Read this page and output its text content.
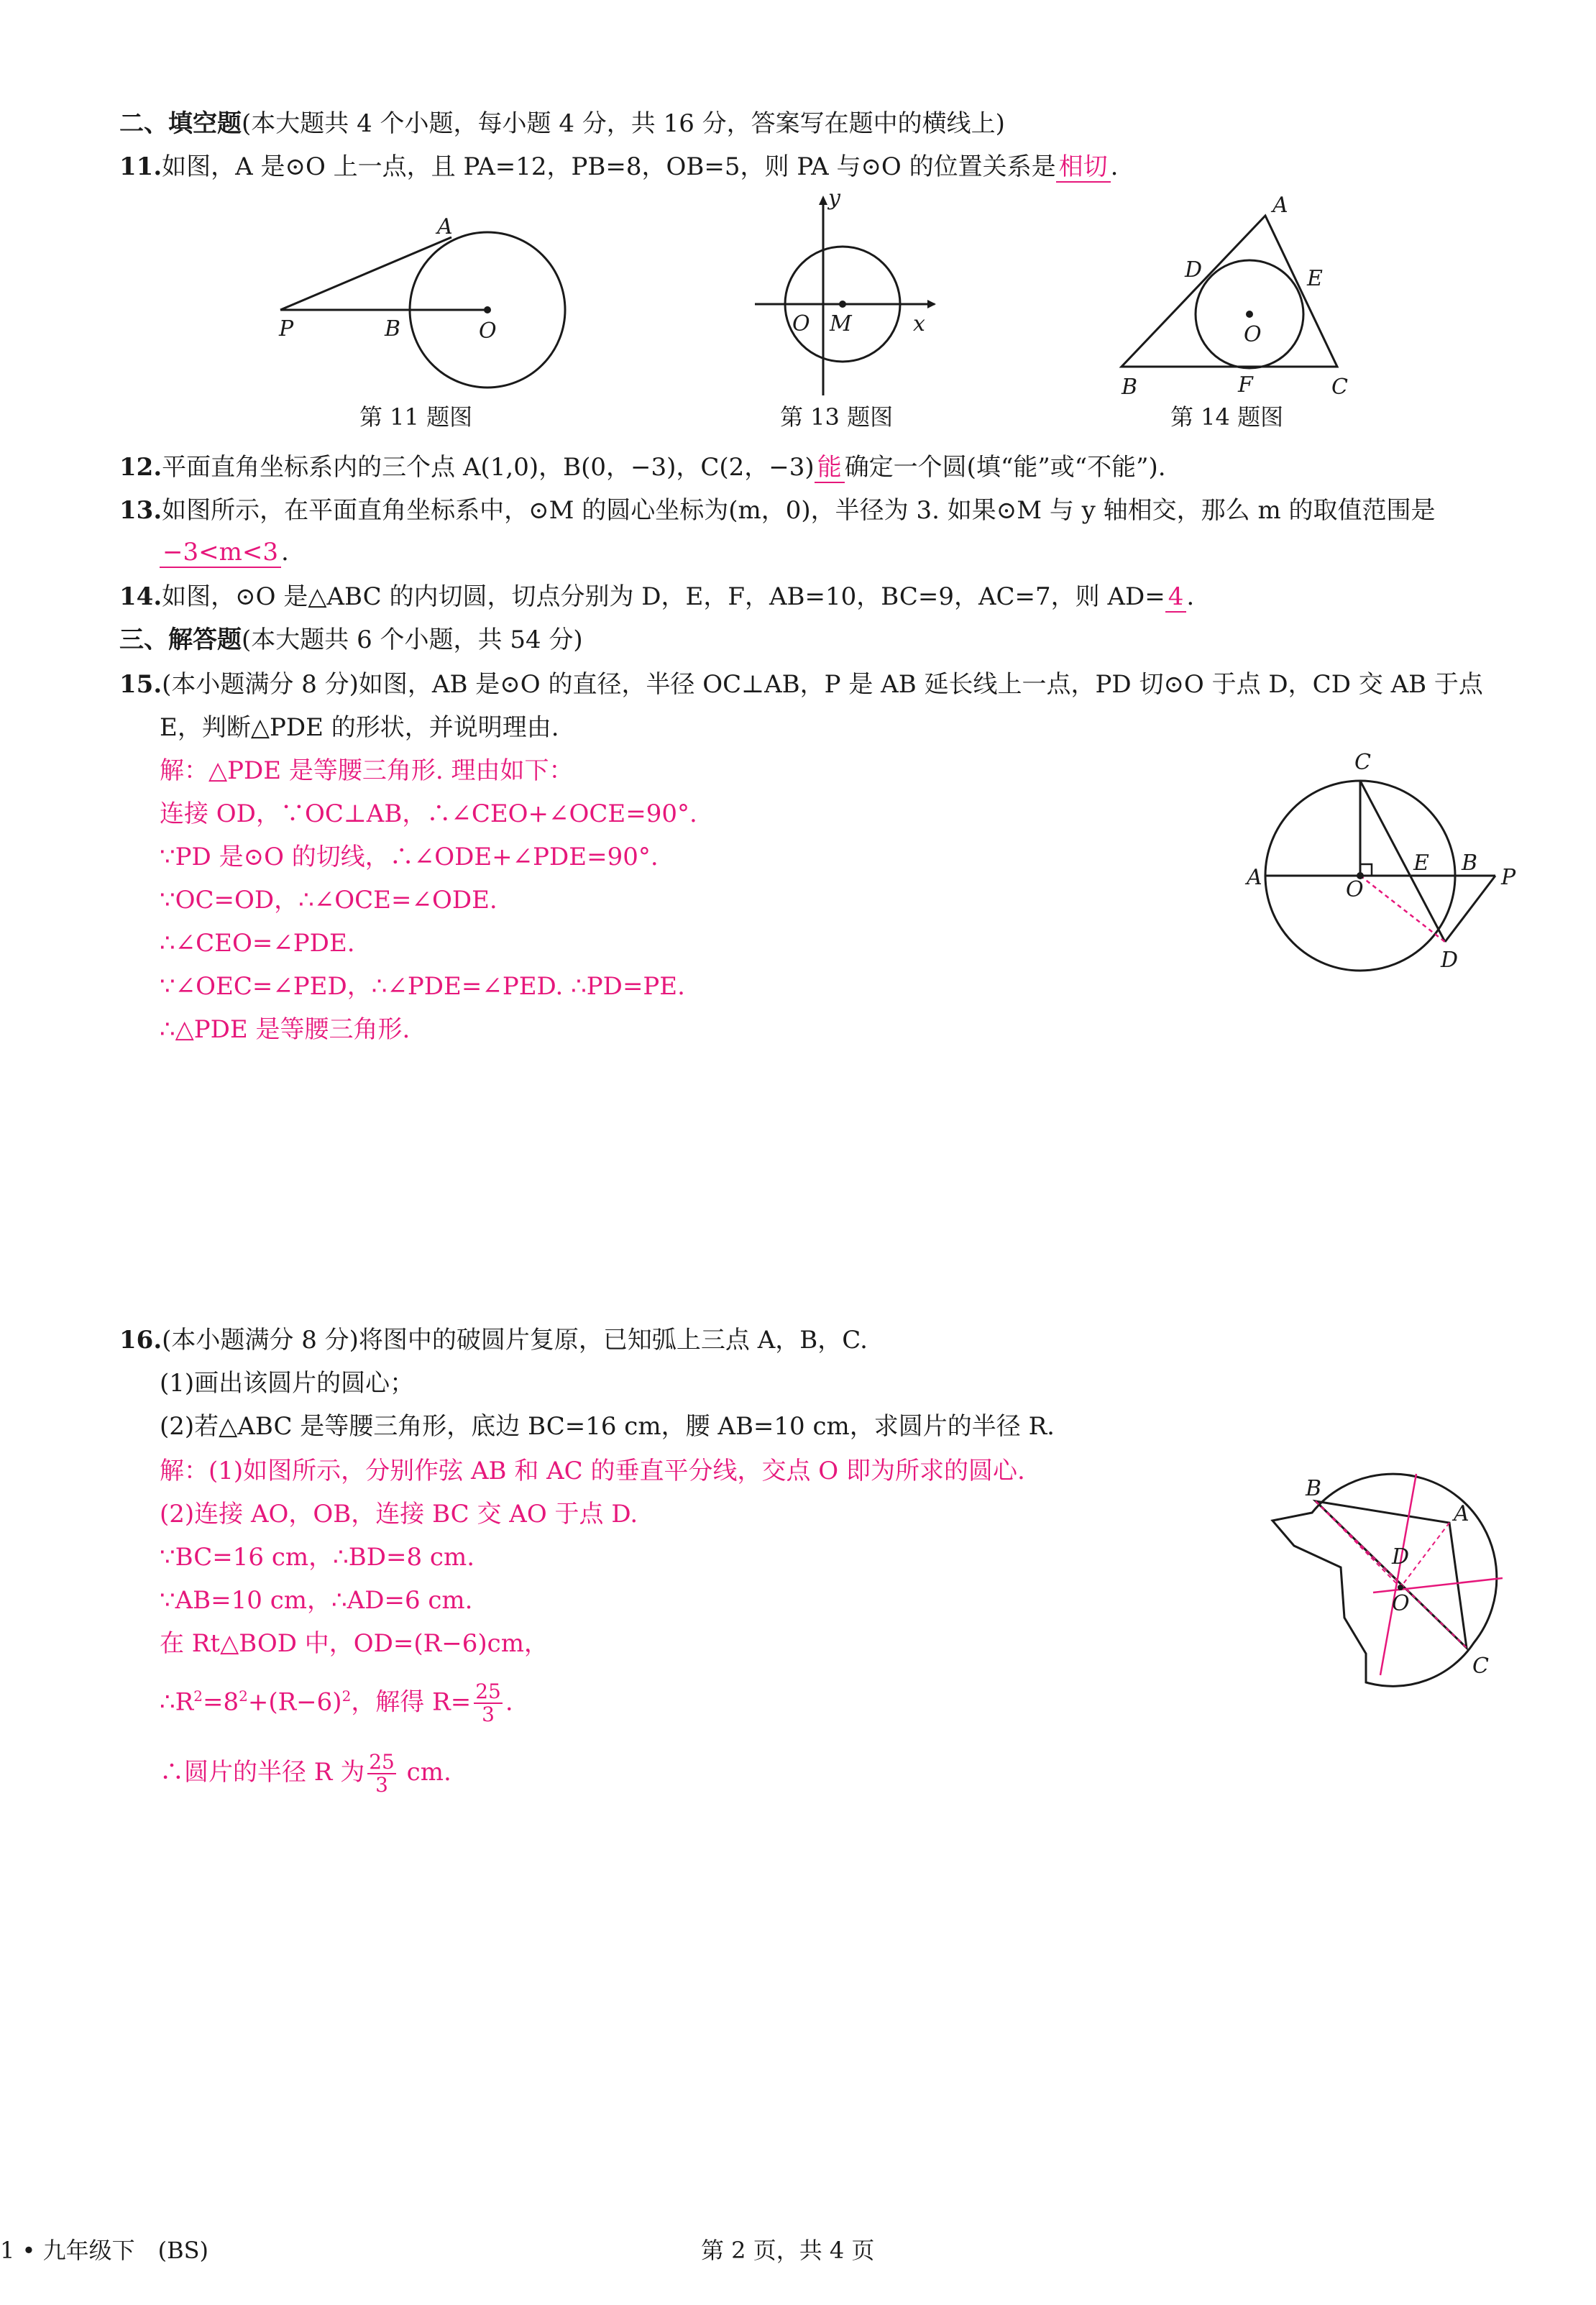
二、填空题(本大题共 4 个小题，每小题 4 分，共 16 分，答案写在题中的横线上)
11.如图，A 是⊙O 上一点，且 PA=12，PB=8，OB=5，则 PA 与⊙O 的位置关系是 相切 .
A
B	O
P
第 11 题图
y
x
O M
第 13 题图
A
B	C
D	E
F
O
第 14 题图
12.平面直角坐标系内的三个点 A(1,0)，B(0，−3)，C(2，−3) 能 确定一个圆(填“能”或“不能”).
13.如图所示，在平面直角坐标系中，⊙M 的圆心坐标为(m，0)，半径为 3. 如果⊙M 与 y 轴相交，那么 m 的取值范围是
−3<m<3 .
14.如图，⊙O 是△ABC 的内切圆，切点分别为 D，E，F，AB=10，BC=9，AC=7，则 AD= 4 .
三、解答题(本大题共 6 个小题，共 54 分)
15.(本小题满分 8 分)如图，AB 是⊙O 的直径，半径 OC⊥AB，P 是 AB 延长线上一点，PD 切⊙O 于点 D，CD 交 AB 于点
E，判断△PDE 的形状，并说明理由.
解：△PDE 是等腰三角形. 理由如下：
连接 OD，∵OC⊥AB，∴∠CEO+∠OCE=90°.
∵PD 是⊙O 的切线，∴∠ODE+∠PDE=90°.
∵OC=OD，∴∠OCE=∠ODE.
∴∠CEO=∠PDE.
∵∠OEC=∠PED，∴∠PDE=∠PED. ∴PD=PE.
∴△PDE 是等腰三角形.
C
A	O
E B
P
D
16.(本小题满分 8 分)将图中的破圆片复原，已知弧上三点 A，B，C.
(1)画出该圆片的圆心；
(2)若△ABC 是等腰三角形，底边 BC=16 cm，腰 AB=10 cm，求圆片的半径 R.
解：(1)如图所示，分别作弦 AB 和 AC 的垂直平分线，交点 O 即为所求的圆心.
(2)连接 AO，OB，连接 BC 交 AO 于点 D.
∵BC=16 cm，∴BD=8 cm.
∵AB=10 cm，∴AD=6 cm.
在 Rt△BOD 中，OD=(R−6)cm，
$\therefore R^2=8^2+(R-6)^2$，解得 $R= \frac{25}{3}$ .
∴圆片的半径 R 为 $\frac{25}{3}$ cm.
B
A
C
D
O
1 • 九年级下　(BS)	第 2 页，共 4 页
